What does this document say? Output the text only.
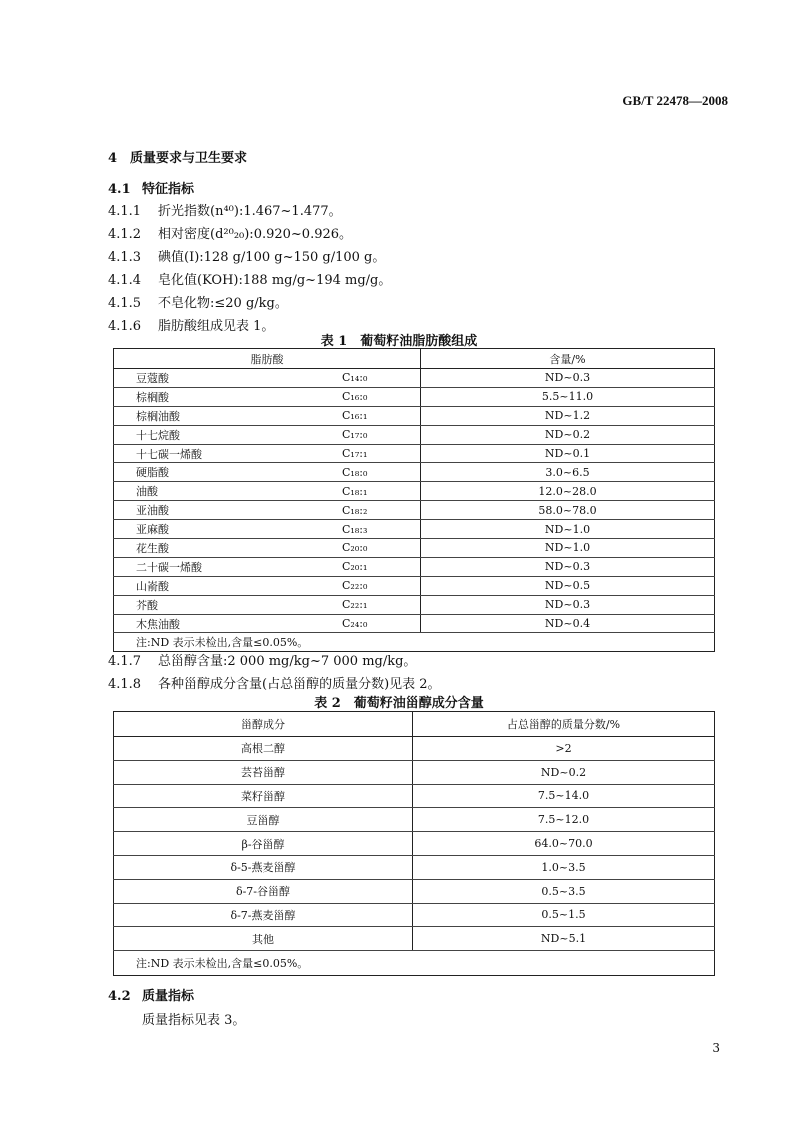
GB/T 22478—2008
4 质量要求与卫生要求
4.1 特征指标
4.1.1 折光指数(n⁴⁰):1.467~1.477。
4.1.2 相对密度(d²⁰₂₀):0.920~0.926。
4.1.3 碘值(I):128 g/100 g~150 g/100 g。
4.1.4 皂化值(KOH):188 mg/g~194 mg/g。
4.1.5 不皂化物:≤20 g/kg。
4.1.6 脂肪酸组成见表 1。
表 1　葡萄籽油脂肪酸组成
脂肪酸		含量/%
豆蔻酸	C₁₄:₀	ND~0.3
棕榈酸	C₁₆:₀	5.5~11.0
棕榈油酸	C₁₆:₁	ND~1.2
十七烷酸	C₁₇:₀	ND~0.2
十七碳一烯酸	C₁₇:₁	ND~0.1
硬脂酸	C₁₈:₀	3.0~6.5
油酸	C₁₈:₁	12.0~28.0
亚油酸	C₁₈:₂	58.0~78.0
亚麻酸	C₁₈:₃	ND~1.0
花生酸	C₂₀:₀	ND~1.0
二十碳一烯酸	C₂₀:₁	ND~0.3
山嵛酸	C₂₂:₀	ND~0.5
芥酸	C₂₂:₁	ND~0.3
木焦油酸	C₂₄:₀	ND~0.4
注:ND 表示未检出,含量≤0.05%。		
4.1.7 总甾醇含量:2 000 mg/kg~7 000 mg/kg。
4.1.8 各种甾醇成分含量(占总甾醇的质量分数)见表 2。
表 2　葡萄籽油甾醇成分含量
甾醇成分	占总甾醇的质量分数/%
高根二醇	>2
芸苔甾醇	ND~0.2
菜籽甾醇	7.5~14.0
豆甾醇	7.5~12.0
β-谷甾醇	64.0~70.0
δ-5-燕麦甾醇	1.0~3.5
δ-7-谷甾醇	0.5~3.5
δ-7-燕麦甾醇	0.5~1.5
其他	ND~5.1
注:ND 表示未检出,含量≤0.05%。	
4.2 质量指标
质量指标见表 3。
3
